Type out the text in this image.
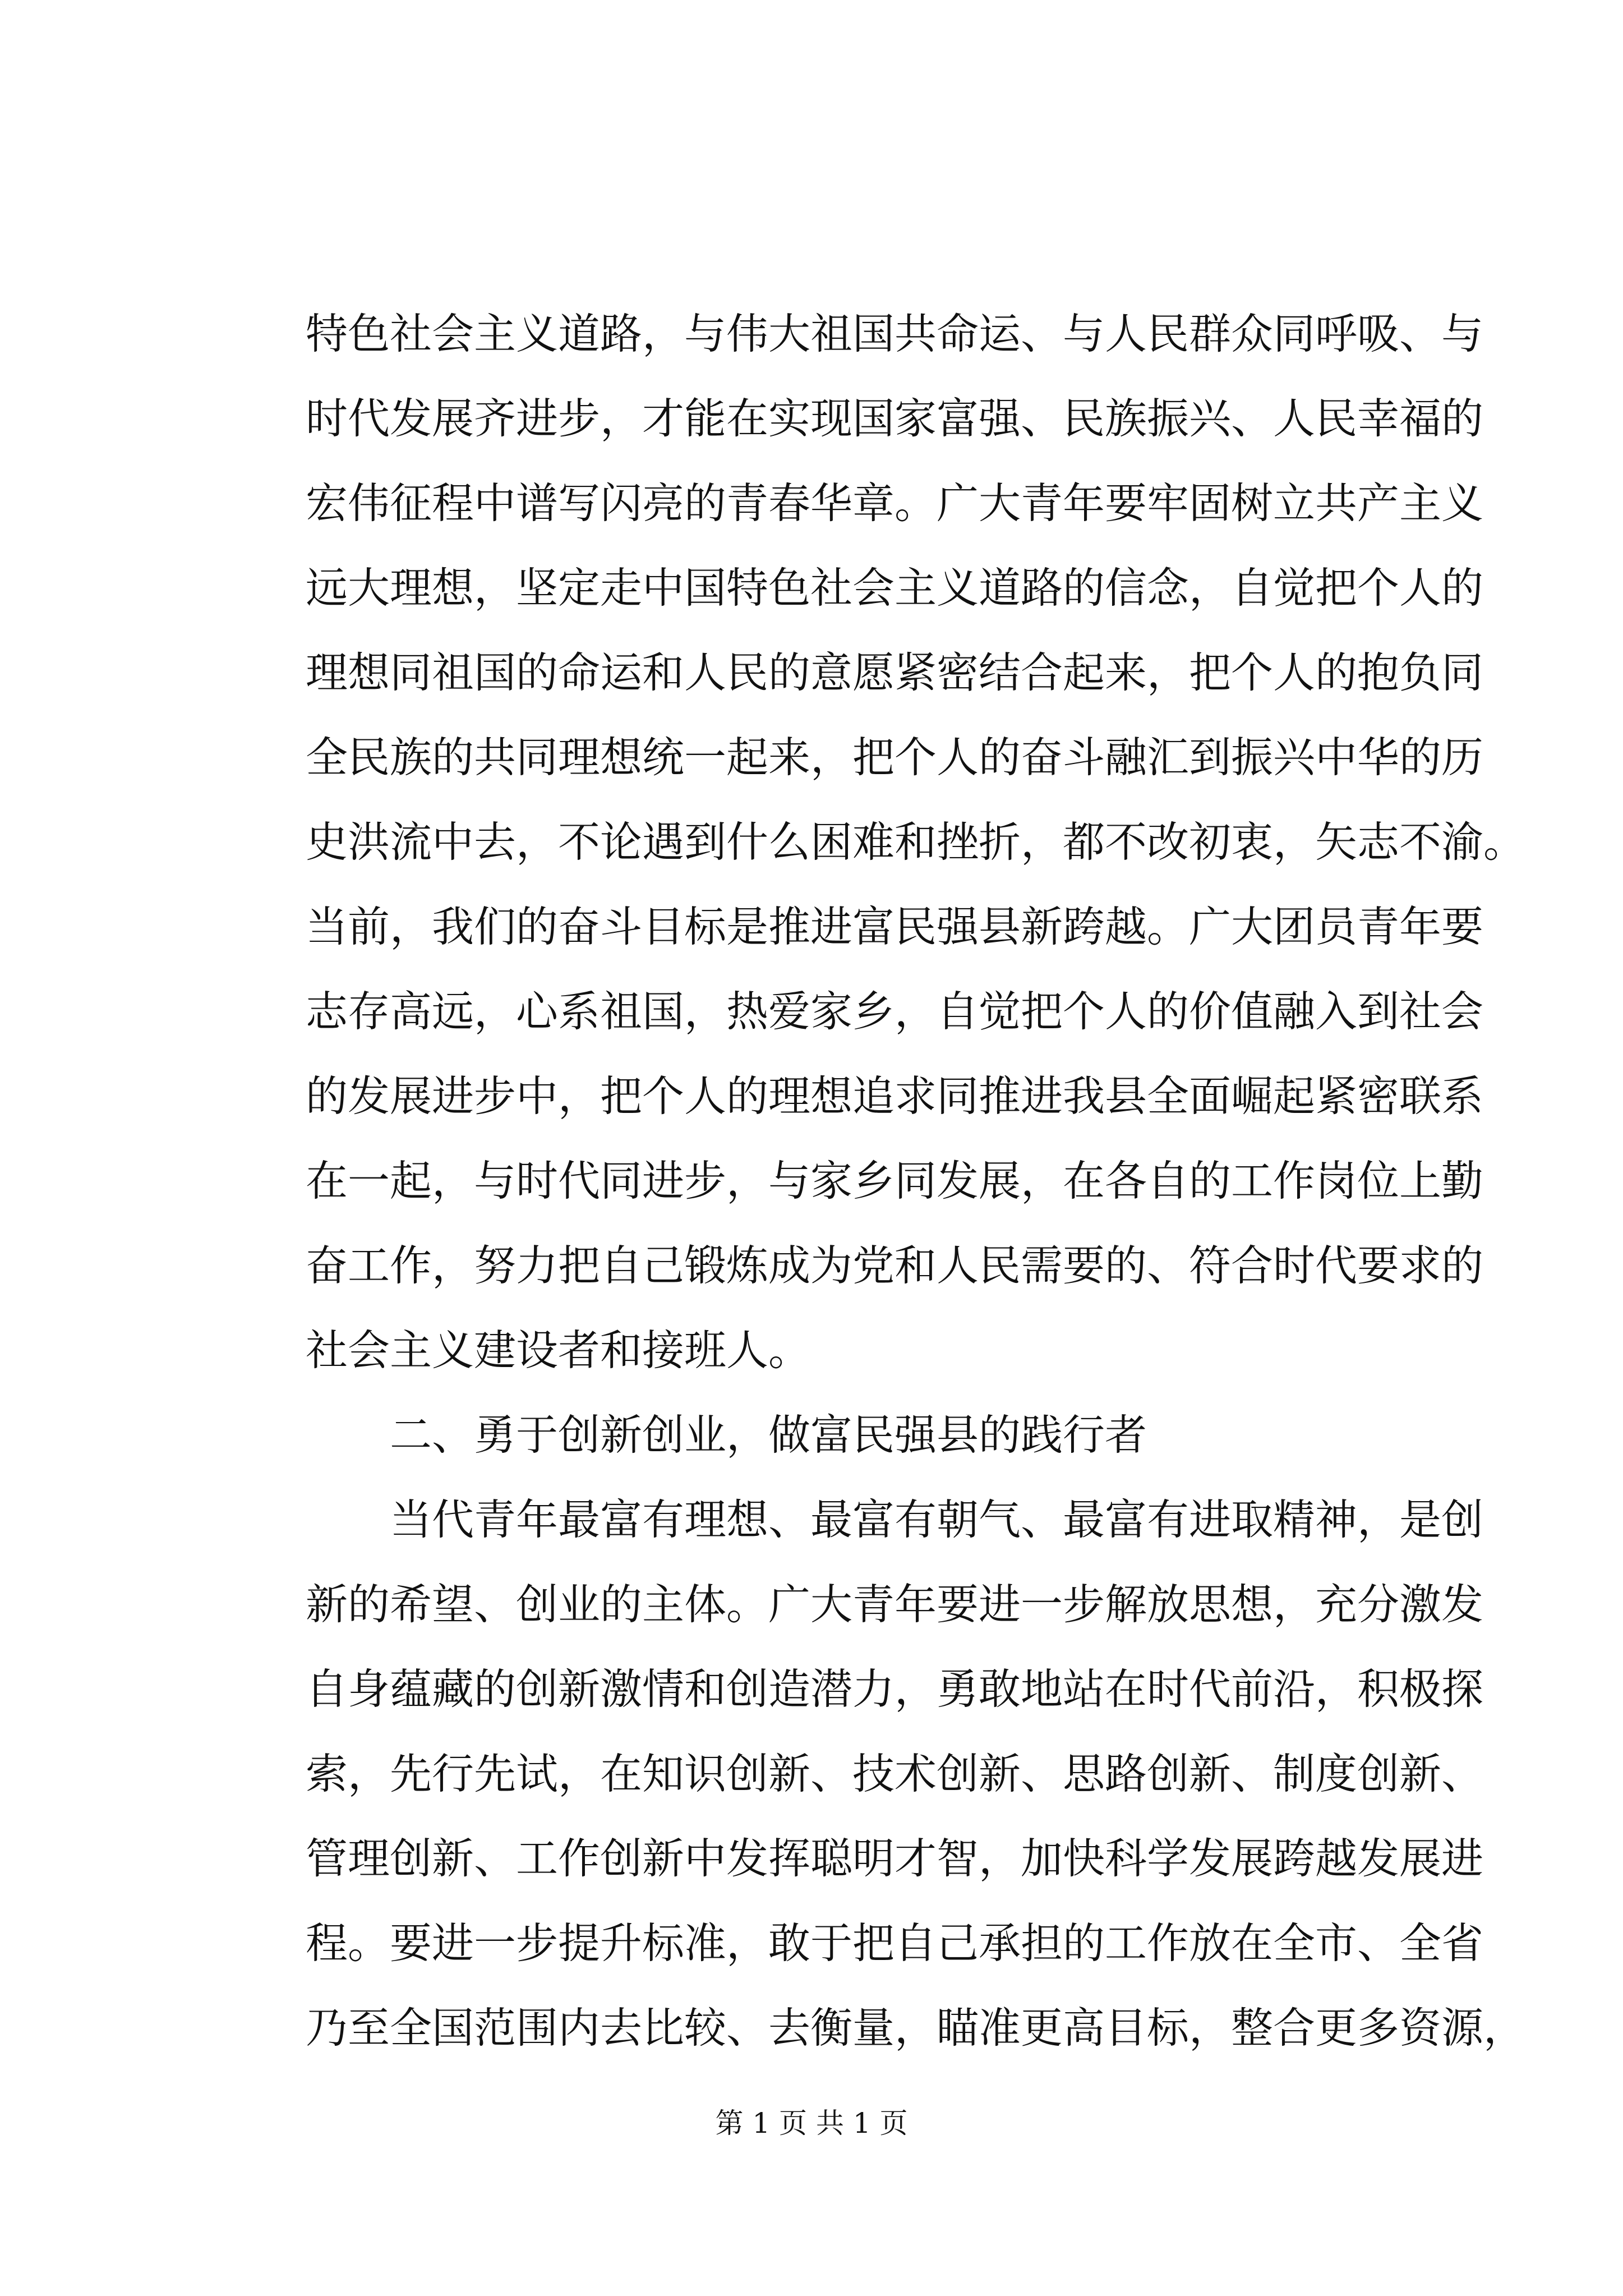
特色社会主义道路，与伟大祖国共命运、与人民群众同呼吸、与
时代发展齐进步，才能在实现国家富强、民族振兴、人民幸福的
宏伟征程中谱写闪亮的青春华章。广大青年要牢固树立共产主义
远大理想，坚定走中国特色社会主义道路的信念，自觉把个人的
理想同祖国的命运和人民的意愿紧密结合起来，把个人的抱负同
全民族的共同理想统一起来，把个人的奋斗融汇到振兴中华的历
史洪流中去，不论遇到什么困难和挫折，都不改初衷，矢志不渝。
当前，我们的奋斗目标是推进富民强县新跨越。广大团员青年要
志存高远，心系祖国，热爱家乡，自觉把个人的价值融入到社会
的发展进步中，把个人的理想追求同推进我县全面崛起紧密联系
在一起，与时代同进步，与家乡同发展，在各自的工作岗位上勤
奋工作，努力把自己锻炼成为党和人民需要的、符合时代要求的
社会主义建设者和接班人。
二、勇于创新创业，做富民强县的践行者
当代青年最富有理想、最富有朝气、最富有进取精神，是创
新的希望、创业的主体。广大青年要进一步解放思想，充分激发
自身蕴藏的创新激情和创造潜力，勇敢地站在时代前沿，积极探
索，先行先试，在知识创新、技术创新、思路创新、制度创新、
管理创新、工作创新中发挥聪明才智，加快科学发展跨越发展进
程。要进一步提升标准，敢于把自己承担的工作放在全市、全省
乃至全国范围内去比较、去衡量，瞄准更高目标，整合更多资源，
第 1 页 共 1 页
